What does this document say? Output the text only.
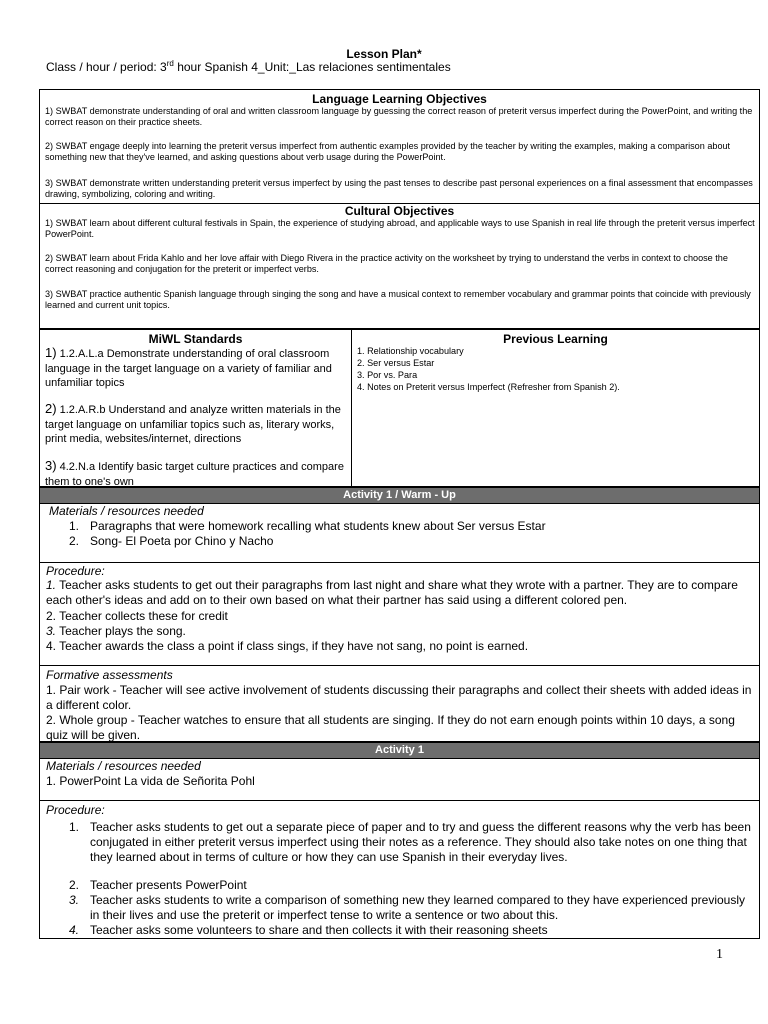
Lesson Plan*
Class / hour / period: 3rd hour Spanish 4_Unit:_Las relaciones sentimentales
Language Learning Objectives
1) SWBAT demonstrate understanding of oral and written classroom language by guessing the correct reason of preterit versus imperfect during the PowerPoint, and writing the correct reason on their practice sheets.
2) SWBAT engage deeply into learning the preterit versus imperfect from authentic examples provided by the teacher by writing the examples, making a comparison about something new that they've learned, and asking questions about verb usage during the PowerPoint.
3) SWBAT demonstrate written understanding preterit versus imperfect by using the past tenses to describe past personal experiences on a final assessment that encompasses drawing, symbolizing, coloring and writing.
Cultural Objectives
1) SWBAT learn about different cultural festivals in Spain, the experience of studying abroad, and applicable ways to use Spanish in real life through the preterit versus imperfect PowerPoint.
2) SWBAT learn about Frida Kahlo and her love affair with Diego Rivera in the practice activity on the worksheet by trying to understand the verbs in context to choose the correct reasoning and conjugation for the preterit or imperfect verbs.
3) SWBAT practice authentic Spanish language through singing the song and have a musical context to remember vocabulary and grammar points that coincide with previously learned and current unit topics.
MiWL Standards
1) 1.2.A.L.a Demonstrate understanding of oral classroom language in the target language on a variety of familiar and unfamiliar topics
2) 1.2.A.R.b Understand and analyze written materials in the target language on unfamiliar topics such as, literary works, print media, websites/internet, directions
3) 4.2.N.a Identify basic target culture practices and compare them to one's own
Previous Learning
1. Relationship vocabulary
2. Ser versus Estar
3. Por vs. Para
4. Notes on Preterit versus Imperfect (Refresher from Spanish 2).
Activity 1 / Warm - Up
Materials / resources needed
1. Paragraphs that were homework recalling what students knew about Ser versus Estar
2. Song- El Poeta por Chino y Nacho
Procedure:
1. Teacher asks students to get out their paragraphs from last night and share what they wrote with a partner. They are to compare each other's ideas and add on to their own based on what their partner has said using a different colored pen.
2. Teacher collects these for credit
3. Teacher plays the song.
4. Teacher awards the class a point if class sings, if they have not sang, no point is earned.
Formative assessments
1. Pair work - Teacher will see active involvement of students discussing their paragraphs and collect their sheets with added ideas in a different color.
2. Whole group - Teacher watches to ensure that all students are singing. If they do not earn enough points within 10 days, a song quiz will be given.
Activity 1
Materials / resources needed
1. PowerPoint La vida de Señorita Pohl
Procedure:
1. Teacher asks students to get out a separate piece of paper and to try and guess the different reasons why the verb has been conjugated in either preterit versus imperfect using their notes as a reference. They should also take notes on one thing that they learned about in terms of culture or how they can use Spanish in their everyday lives.
2. Teacher presents PowerPoint
3. Teacher asks students to write a comparison of something new they learned compared to they have experienced previously in their lives and use the preterit or imperfect tense to write a sentence or two about this.
4. Teacher asks some volunteers to share and then collects it with their reasoning sheets
1
